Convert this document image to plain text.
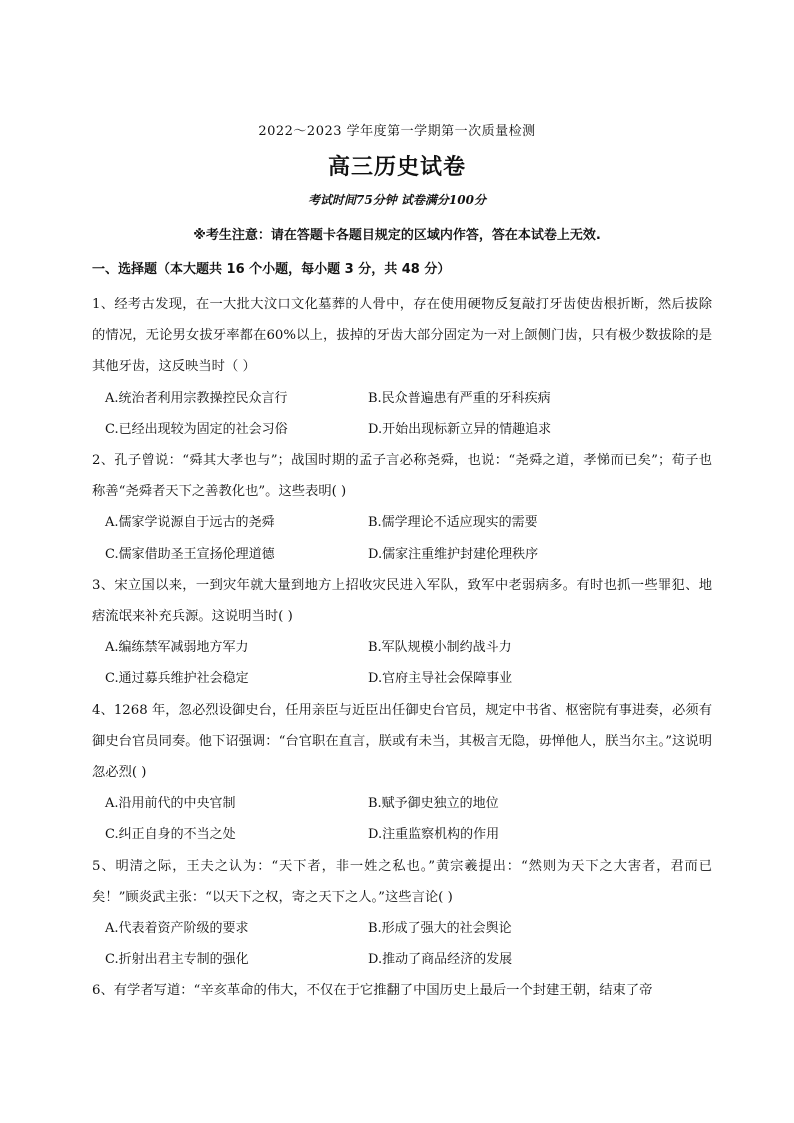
2022～2023 学年度第一学期第一次质量检测
高三历史试卷
考试时间75分钟 试卷满分100分
※考生注意：请在答题卡各题目规定的区域内作答，答在本试卷上无效.
一、选择题（本大题共 16 个小题，每小题 3 分，共 48 分）

1、经考古发现，在一大批大汶口文化墓葬的人骨中，存在使用硬物反复敲打牙齿使齿根折断，然后拔除的情况，无论男女拔牙率都在60%以上，拔掉的牙齿大部分固定为一对上颌侧门齿，只有极少数拔除的是其他牙齿，这反映当时（ ）

A.统治者利用宗教操控民众言行	B.民众普遍患有严重的牙科疾病
C.已经出现较为固定的社会习俗	D.开始出现标新立异的情趣追求

2、孔子曾说：“舜其大孝也与”；战国时期的孟子言必称尧舜，也说：“尧舜之道，孝悌而已矣”；荀子也称善“尧舜者天下之善教化也”。这些表明( )

A.儒家学说源自于远古的尧舜	B.儒学理论不适应现实的需要
C.儒家借助圣王宣扬伦理道德	D.儒家注重维护封建伦理秩序

3、宋立国以来，一到灾年就大量到地方上招收灾民进入军队，致军中老弱病多。有时也抓一些罪犯、地痞流氓来补充兵源。这说明当时( )

A.编练禁军减弱地方军力	B.军队规模小制约战斗力
C.通过募兵维护社会稳定	D.官府主导社会保障事业

4、1268 年，忽必烈设御史台，任用亲臣与近臣出任御史台官员，规定中书省、枢密院有事进奏，必须有御史台官员同奏。他下诏强调：“台官职在直言，朕或有未当，其极言无隐，毋惮他人，朕当尔主。”这说明忽必烈( )

A.沿用前代的中央官制	B.赋予御史独立的地位
C.纠正自身的不当之处	D.注重监察机构的作用

5、明清之际，王夫之认为：“天下者，非一姓之私也。”黄宗羲提出：“然则为天下之大害者，君而已矣！”顾炎武主张：“以天下之权，寄之天下之人。”这些言论( )

A.代表着资产阶级的要求	B.形成了强大的社会舆论
C.折射出君主专制的强化	D.推动了商品经济的发展

6、有学者写道：“辛亥革命的伟大，不仅在于它推翻了中国历史上最后一个封建王朝，结束了帝
